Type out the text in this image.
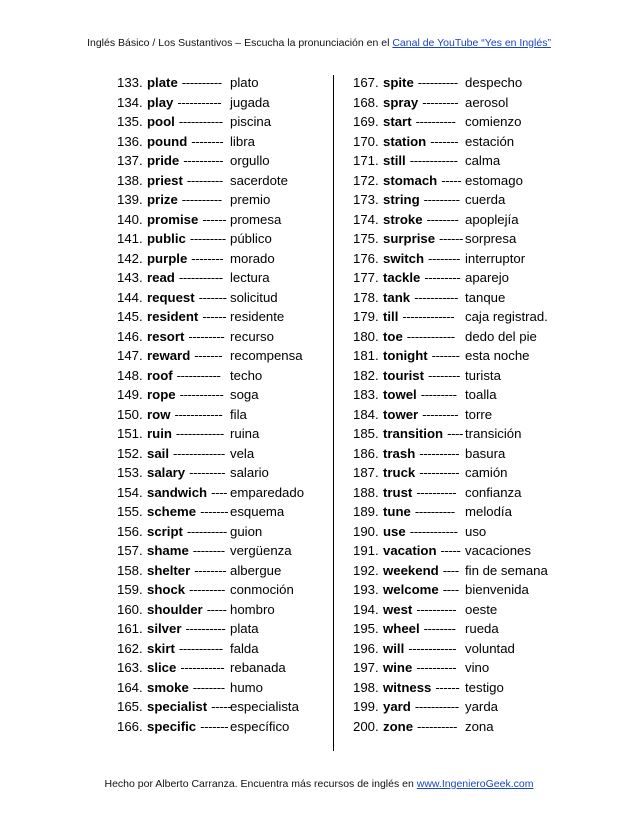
Inglés Básico / Los Sustantivos – Escucha la pronunciación en el Canal de YouTube “Yes en Inglés”
133. plate ---------- plato
134. play ----------- jugada
135. pool ----------- piscina
136. pound -------- libra
137. pride ---------- orgullo
138. priest --------- sacerdote
139. prize ---------- premio
140. promise ------ promesa
141. public --------- público
142. purple -------- morado
143. read ----------- lectura
144. request ------- solicitud
145. resident ------ residente
146. resort --------- recurso
147. reward ------- recompensa
148. roof ----------- techo
149. rope ----------- soga
150. row ------------ fila
151. ruin ------------ ruina
152. sail ------------- vela
153. salary --------- salario
154. sandwich ---- emparedado
155. scheme ------- esquema
156. script ---------- guion
157. shame -------- vergüenza
158. shelter -------- albergue
159. shock --------- conmoción
160. shoulder ----- hombro
161. silver ---------- plata
162. skirt ----------- falda
163. slice ----------- rebanada
164. smoke -------- humo
165. specialist -----
especialista
166. specific ------- específico
167. spite ---------- despecho
168. spray --------- aerosol
169. start ---------- comienzo
170. station ------- estación
171. still ------------ calma
172. stomach ----- estomago
173. string --------- cuerda
174. stroke -------- apoplejía
175. surprise ------ sorpresa
176. switch -------- interruptor
177. tackle --------- aparejo
178. tank ----------- tanque
179. till ------------- caja registrad.
180. toe ------------ dedo del pie
181. tonight ------- esta noche
182. tourist -------- turista
183. towel --------- toalla
184. tower --------- torre
185. transition ---- transición
186. trash ---------- basura
187. truck ---------- camión
188. trust ---------- confianza
189. tune ---------- melodía
190. use ------------ uso
191. vacation ----- vacaciones
192. weekend ---- fin de semana
193. welcome ---- bienvenida
194. west ---------- oeste
195. wheel -------- rueda
196. will ------------ voluntad
197. wine ---------- vino
198. witness ------ testigo
199. yard ----------- yarda
200. zone ---------- zona
Hecho por Alberto Carranza. Encuentra más recursos de inglés en www.IngenieroGeek.com
